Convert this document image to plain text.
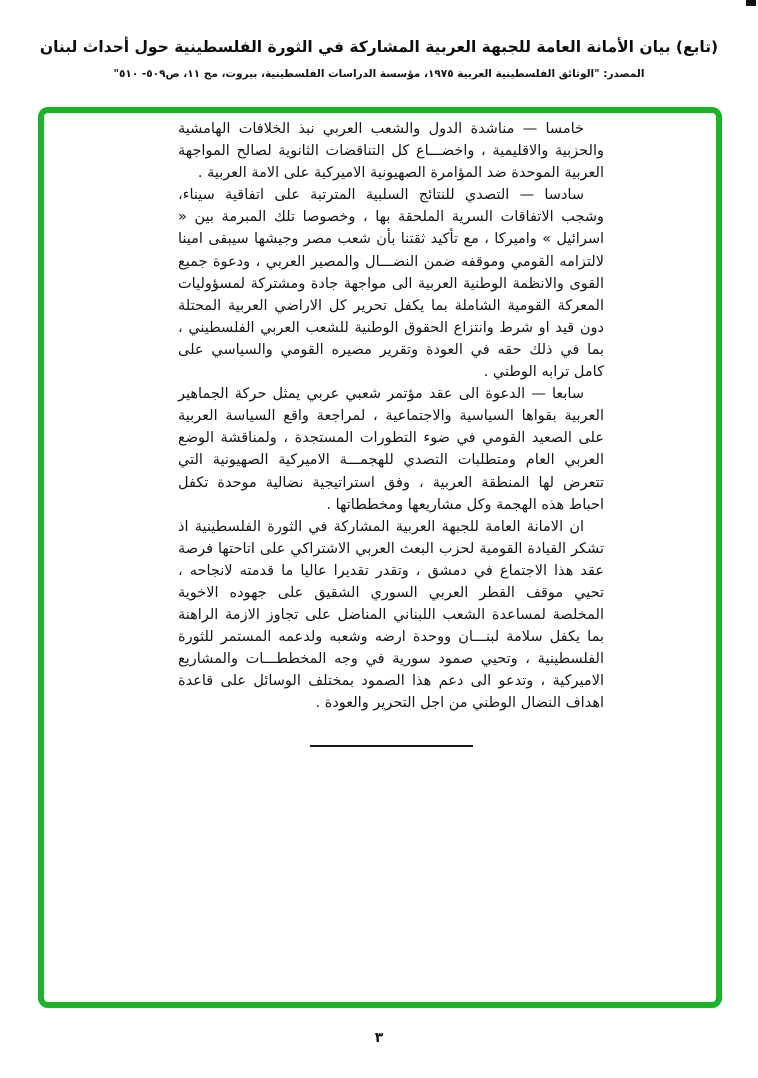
(تابع) بيان الأمانة العامة للجبهة العربية المشاركة في الثورة الفلسطينية حول أحداث لبنان
المصدر: "الوثائق الفلسطينية العربية ١٩٧٥، مؤسسة الدراسات الفلسطينية، بيروت، مج ١١، ص٥٠٩- ٥١٠"

خامسا — مناشدة الدول والشعب العربي نبذ الخلافات الهامشية والحزبية والاقليمية ، واخضـــاع كل التناقضات الثانوية لصالح المواجهة العربية الموحدة ضد المؤامرة الصهيونية الاميركية على الامة العربية .

سادسا — التصدي للنتائج السلبية المترتبة على اتفاقية سيناء، وشجب الاتفاقات السرية الملحقة بها ، وخصوصا تلك المبرمة بين « اسرائيل » واميركا ، مع تأكيد ثقتنا بأن شعب مصر وجيشها سيبقى امينا لالتزامه القومي وموقفه ضمن النضـــال والمصير العربي ، ودعوة جميع القوى والانظمة الوطنية العربية الى مواجهة جادة ومشتركة لمسؤوليات المعركة القومية الشاملة بما يكفل تحرير كل الاراضي العربية المحتلة دون قيد او شرط وانتزاع الحقوق الوطنية للشعب العربي الفلسطيني ، بما في ذلك حقه في العودة وتقرير مصيره القومي والسياسي على كامل ترابه الوطني .

سابعا — الدعوة الى عقد مؤتمر شعبي عربي يمثل حركة الجماهير العربية بقواها السياسية والاجتماعية ، لمراجعة واقع السياسة العربية على الصعيد القومي في ضوء التطورات المستجدة ، ولمناقشة الوضع العربي العام ومتطلبات التصدي للهجمـــة الاميركية الصهيونية التي تتعرض لها المنطقة العربية ، وفق استراتيجية نضالية موحدة تكفل احباط هذه الهجمة وكل مشاريعها ومخططاتها .

ان الامانة العامة للجبهة العربية المشاركة في الثورة الفلسطينية اذ تشكر القيادة القومية لحزب البعث العربي الاشتراكي على اتاحتها فرصة عقد هذا الاجتماع في دمشق ، وتقدر تقديرا عاليا ما قدمته لانجاحه ، تحيي موقف القطر العربي السوري الشقيق على جهوده الاخوية المخلصة لمساعدة الشعب اللبناني المناضل على تجاوز الازمة الراهنة بما يكفل سلامة لبنـــان ووحدة ارضه وشعبه ولدعمه المستمر للثورة الفلسطينية ، وتحيي صمود سورية في وجه المخططـــات والمشاريع الاميركية ، وتدعو الى دعم هذا الصمود بمختلف الوسائل على قاعدة اهداف النضال الوطني من اجل التحرير والعودة .

٣
